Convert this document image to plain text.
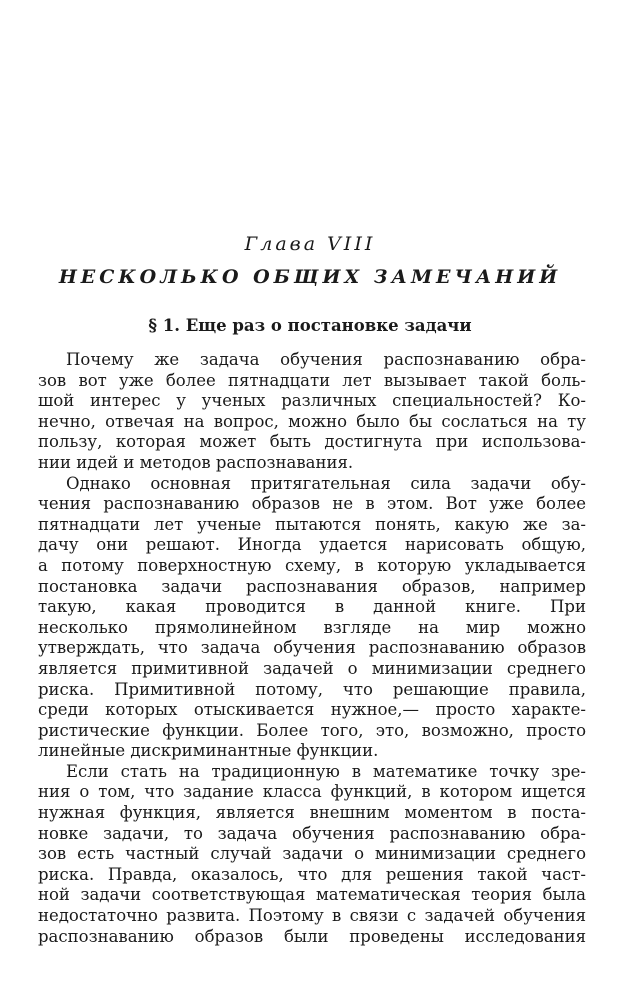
Глава VIII
НЕСКОЛЬКО ОБЩИХ ЗАМЕЧАНИЙ
§ 1. Еще раз о постановке задачи

Почему же задача обучения распознаванию обра-
зов вот уже более пятнадцати лет вызывает такой боль-
шой интерес у ученых различных специальностей? Ко-
нечно, отвечая на вопрос, можно было бы сослаться на ту
пользу, которая может быть достигнута при использова-
нии идей и методов распознавания.

Однако основная притягательная сила задачи обу-
чения распознаванию образов не в этом. Вот уже более
пятнадцати лет ученые пытаются понять, какую же за-
дачу они решают. Иногда удается нарисовать общую,
а потому поверхностную схему, в которую укладывается
постановка задачи распознавания образов, например
такую, какая проводится в данной книге. При
несколько прямолинейном взгляде на мир можно
утверждать, что задача обучения распознаванию образов
является примитивной задачей о минимизации среднего
риска. Примитивной потому, что решающие правила,
среди которых отыскивается нужное,— просто характе-
ристические функции. Более того, это, возможно, просто
линейные дискриминантные функции.

Если стать на традиционную в математике точку зре-
ния о том, что задание класса функций, в котором ищется
нужная функция, является внешним моментом в поста-
новке задачи, то задача обучения распознаванию обра-
зов есть частный случай задачи о минимизации среднего
риска. Правда, оказалось, что для решения такой част-
ной задачи соответствующая математическая теория была
недостаточно развита. Поэтому в связи с задачей обучения
распознаванию образов были проведены исследования
